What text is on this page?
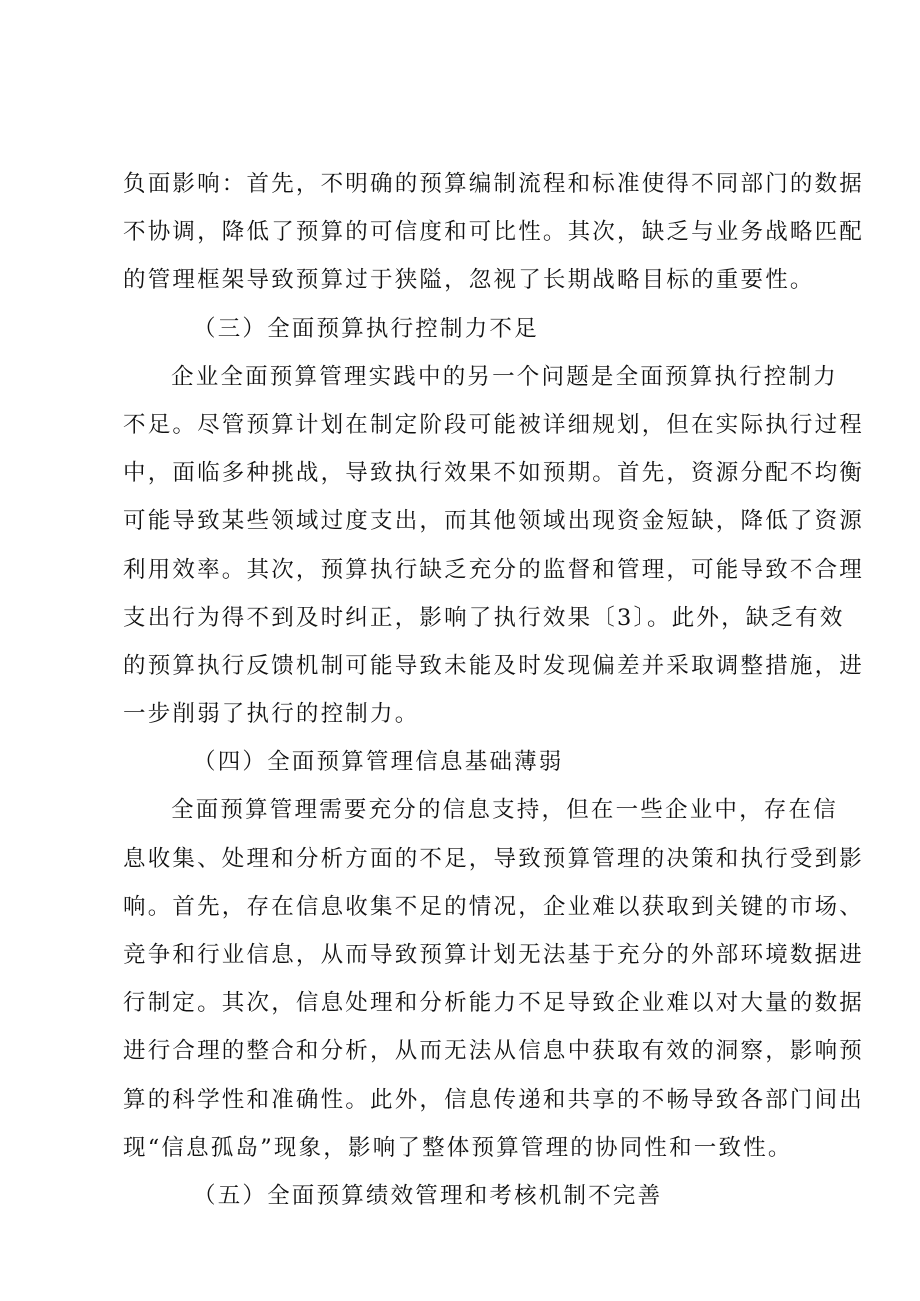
负面影响：首先，不明确的预算编制流程和标准使得不同部门的数据
不协调，降低了预算的可信度和可比性。其次，缺乏与业务战略匹配
的管理框架导致预算过于狭隘，忽视了长期战略目标的重要性。
（三）全面预算执行控制力不足
企业全面预算管理实践中的另一个问题是全面预算执行控制力
不足。尽管预算计划在制定阶段可能被详细规划，但在实际执行过程
中，面临多种挑战，导致执行效果不如预期。首先，资源分配不均衡
可能导致某些领域过度支出，而其他领域出现资金短缺，降低了资源
利用效率。其次，预算执行缺乏充分的监督和管理，可能导致不合理
支出行为得不到及时纠正，影响了执行效果〔3〕。此外，缺乏有效
的预算执行反馈机制可能导致未能及时发现偏差并采取调整措施，进
一步削弱了执行的控制力。
（四）全面预算管理信息基础薄弱
全面预算管理需要充分的信息支持，但在一些企业中，存在信
息收集、处理和分析方面的不足，导致预算管理的决策和执行受到影
响。首先，存在信息收集不足的情况，企业难以获取到关键的市场、
竞争和行业信息，从而导致预算计划无法基于充分的外部环境数据进
行制定。其次，信息处理和分析能力不足导致企业难以对大量的数据
进行合理的整合和分析，从而无法从信息中获取有效的洞察，影响预
算的科学性和准确性。此外，信息传递和共享的不畅导致各部门间出
现“信息孤岛”现象，影响了整体预算管理的协同性和一致性。
（五）全面预算绩效管理和考核机制不完善
